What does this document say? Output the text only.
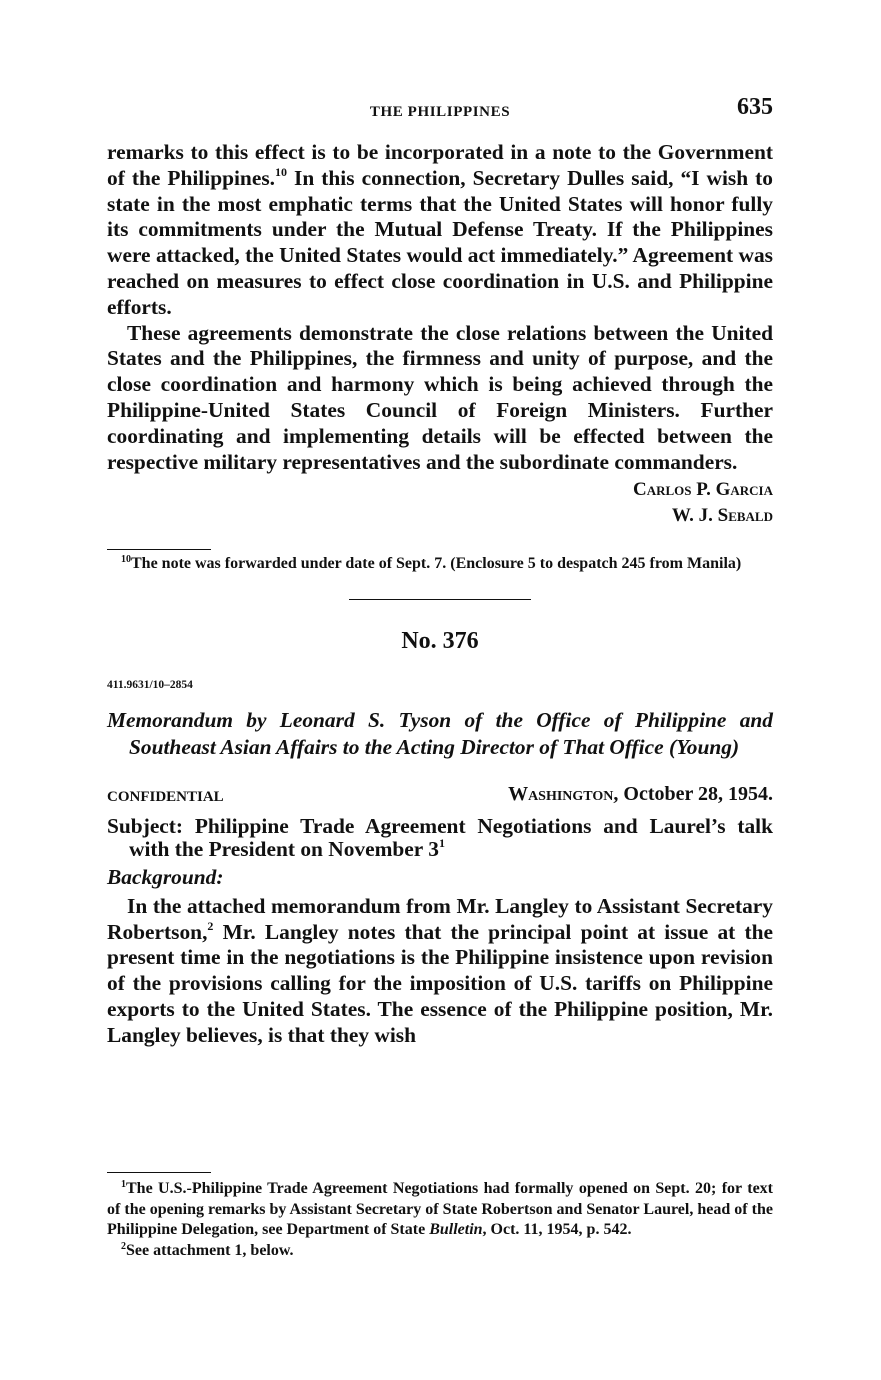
THE PHILIPPINES	635

remarks to this effect is to be incorporated in a note to the Government of the Philippines.$^{10}$ In this connection, Secretary Dulles said, “I wish to state in the most emphatic terms that the United States will honor fully its commitments under the Mutual Defense Treaty. If the Philippines were attacked, the United States would act immediately.” Agreement was reached on measures to effect close coordination in U.S. and Philippine efforts.

These agreements demonstrate the close relations between the United States and the Philippines, the firmness and unity of purpose, and the close coordination and harmony which is being achieved through the Philippine-United States Council of Foreign Ministers. Further coordinating and implementing details will be effected between the respective military representatives and the subordinate commanders.

Carlos P. Garcia
W. J. Sebald

$^{10}$The note was forwarded under date of Sept. 7. (Enclosure 5 to despatch 245 from Manila)

No. 376
411.9631/10–2854
Memorandum by Leonard S. Tyson of the Office of Philippine and Southeast Asian Affairs to the Acting Director of That Office (Young)
CONFIDENTIAL	Washington, October 28, 1954.
Subject: Philippine Trade Agreement Negotiations and Laurel’s talk with the President on November $3^1$
Background:

In the attached memorandum from Mr. Langley to Assistant Secretary Robertson,$^2$ Mr. Langley notes that the principal point at issue at the present time in the negotiations is the Philippine insistence upon revision of the provisions calling for the imposition of U.S. tariffs on Philippine exports to the United States. The essence of the Philippine position, Mr. Langley believes, is that they wish

$^1$The U.S.-Philippine Trade Agreement Negotiations had formally opened on Sept. 20; for text of the opening remarks by Assistant Secretary of State Robertson and Senator Laurel, head of the Philippine Delegation, see Department of State Bulletin, Oct. 11, 1954, p. 542.

$^2$See attachment 1, below.
